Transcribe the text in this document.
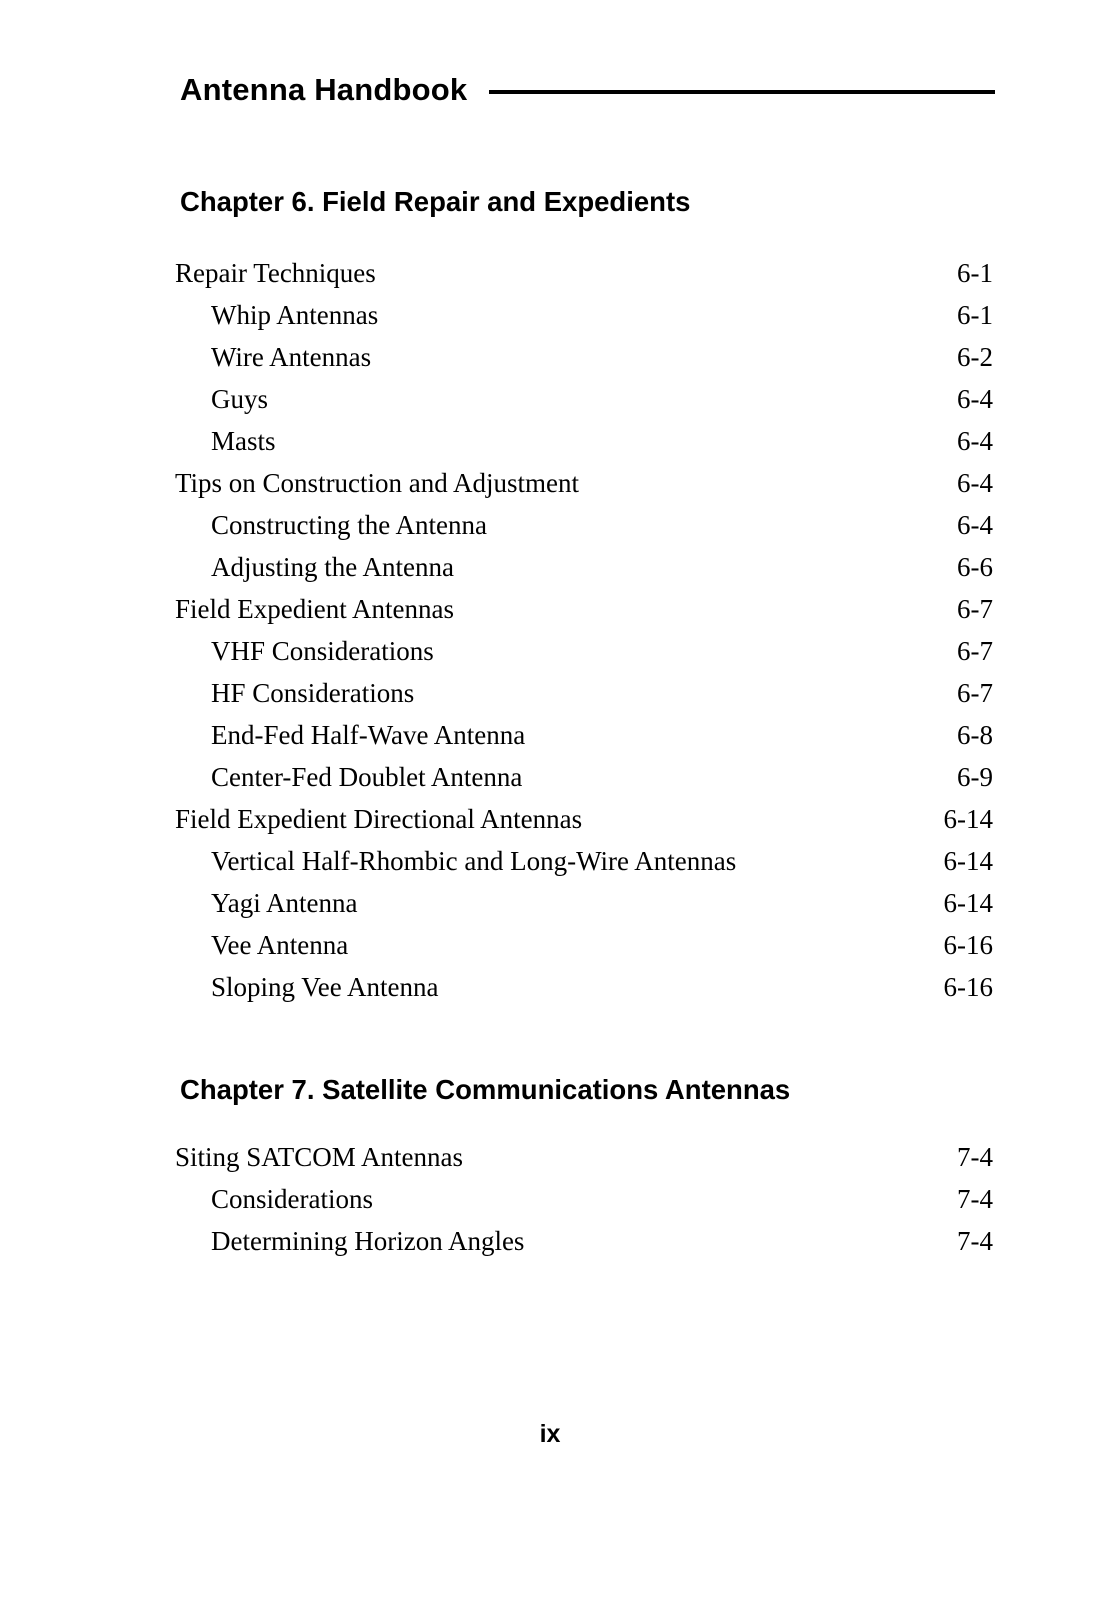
Antenna Handbook
Chapter 6. Field Repair and Expedients
Repair Techniques	6-1
Whip Antennas	6-1
Wire Antennas	6-2
Guys	6-4
Masts	6-4
Tips on Construction and Adjustment	6-4
Constructing the Antenna	6-4
Adjusting the Antenna	6-6
Field Expedient Antennas	6-7
VHF Considerations	6-7
HF Considerations	6-7
End-Fed Half-Wave Antenna	6-8
Center-Fed Doublet Antenna	6-9
Field Expedient Directional Antennas	6-14
Vertical Half-Rhombic and Long-Wire Antennas	6-14
Yagi Antenna	6-14
Vee Antenna	6-16
Sloping Vee Antenna	6-16
Chapter 7. Satellite Communications Antennas
Siting SATCOM Antennas	7-4
Considerations	7-4
Determining Horizon Angles	7-4
ix
